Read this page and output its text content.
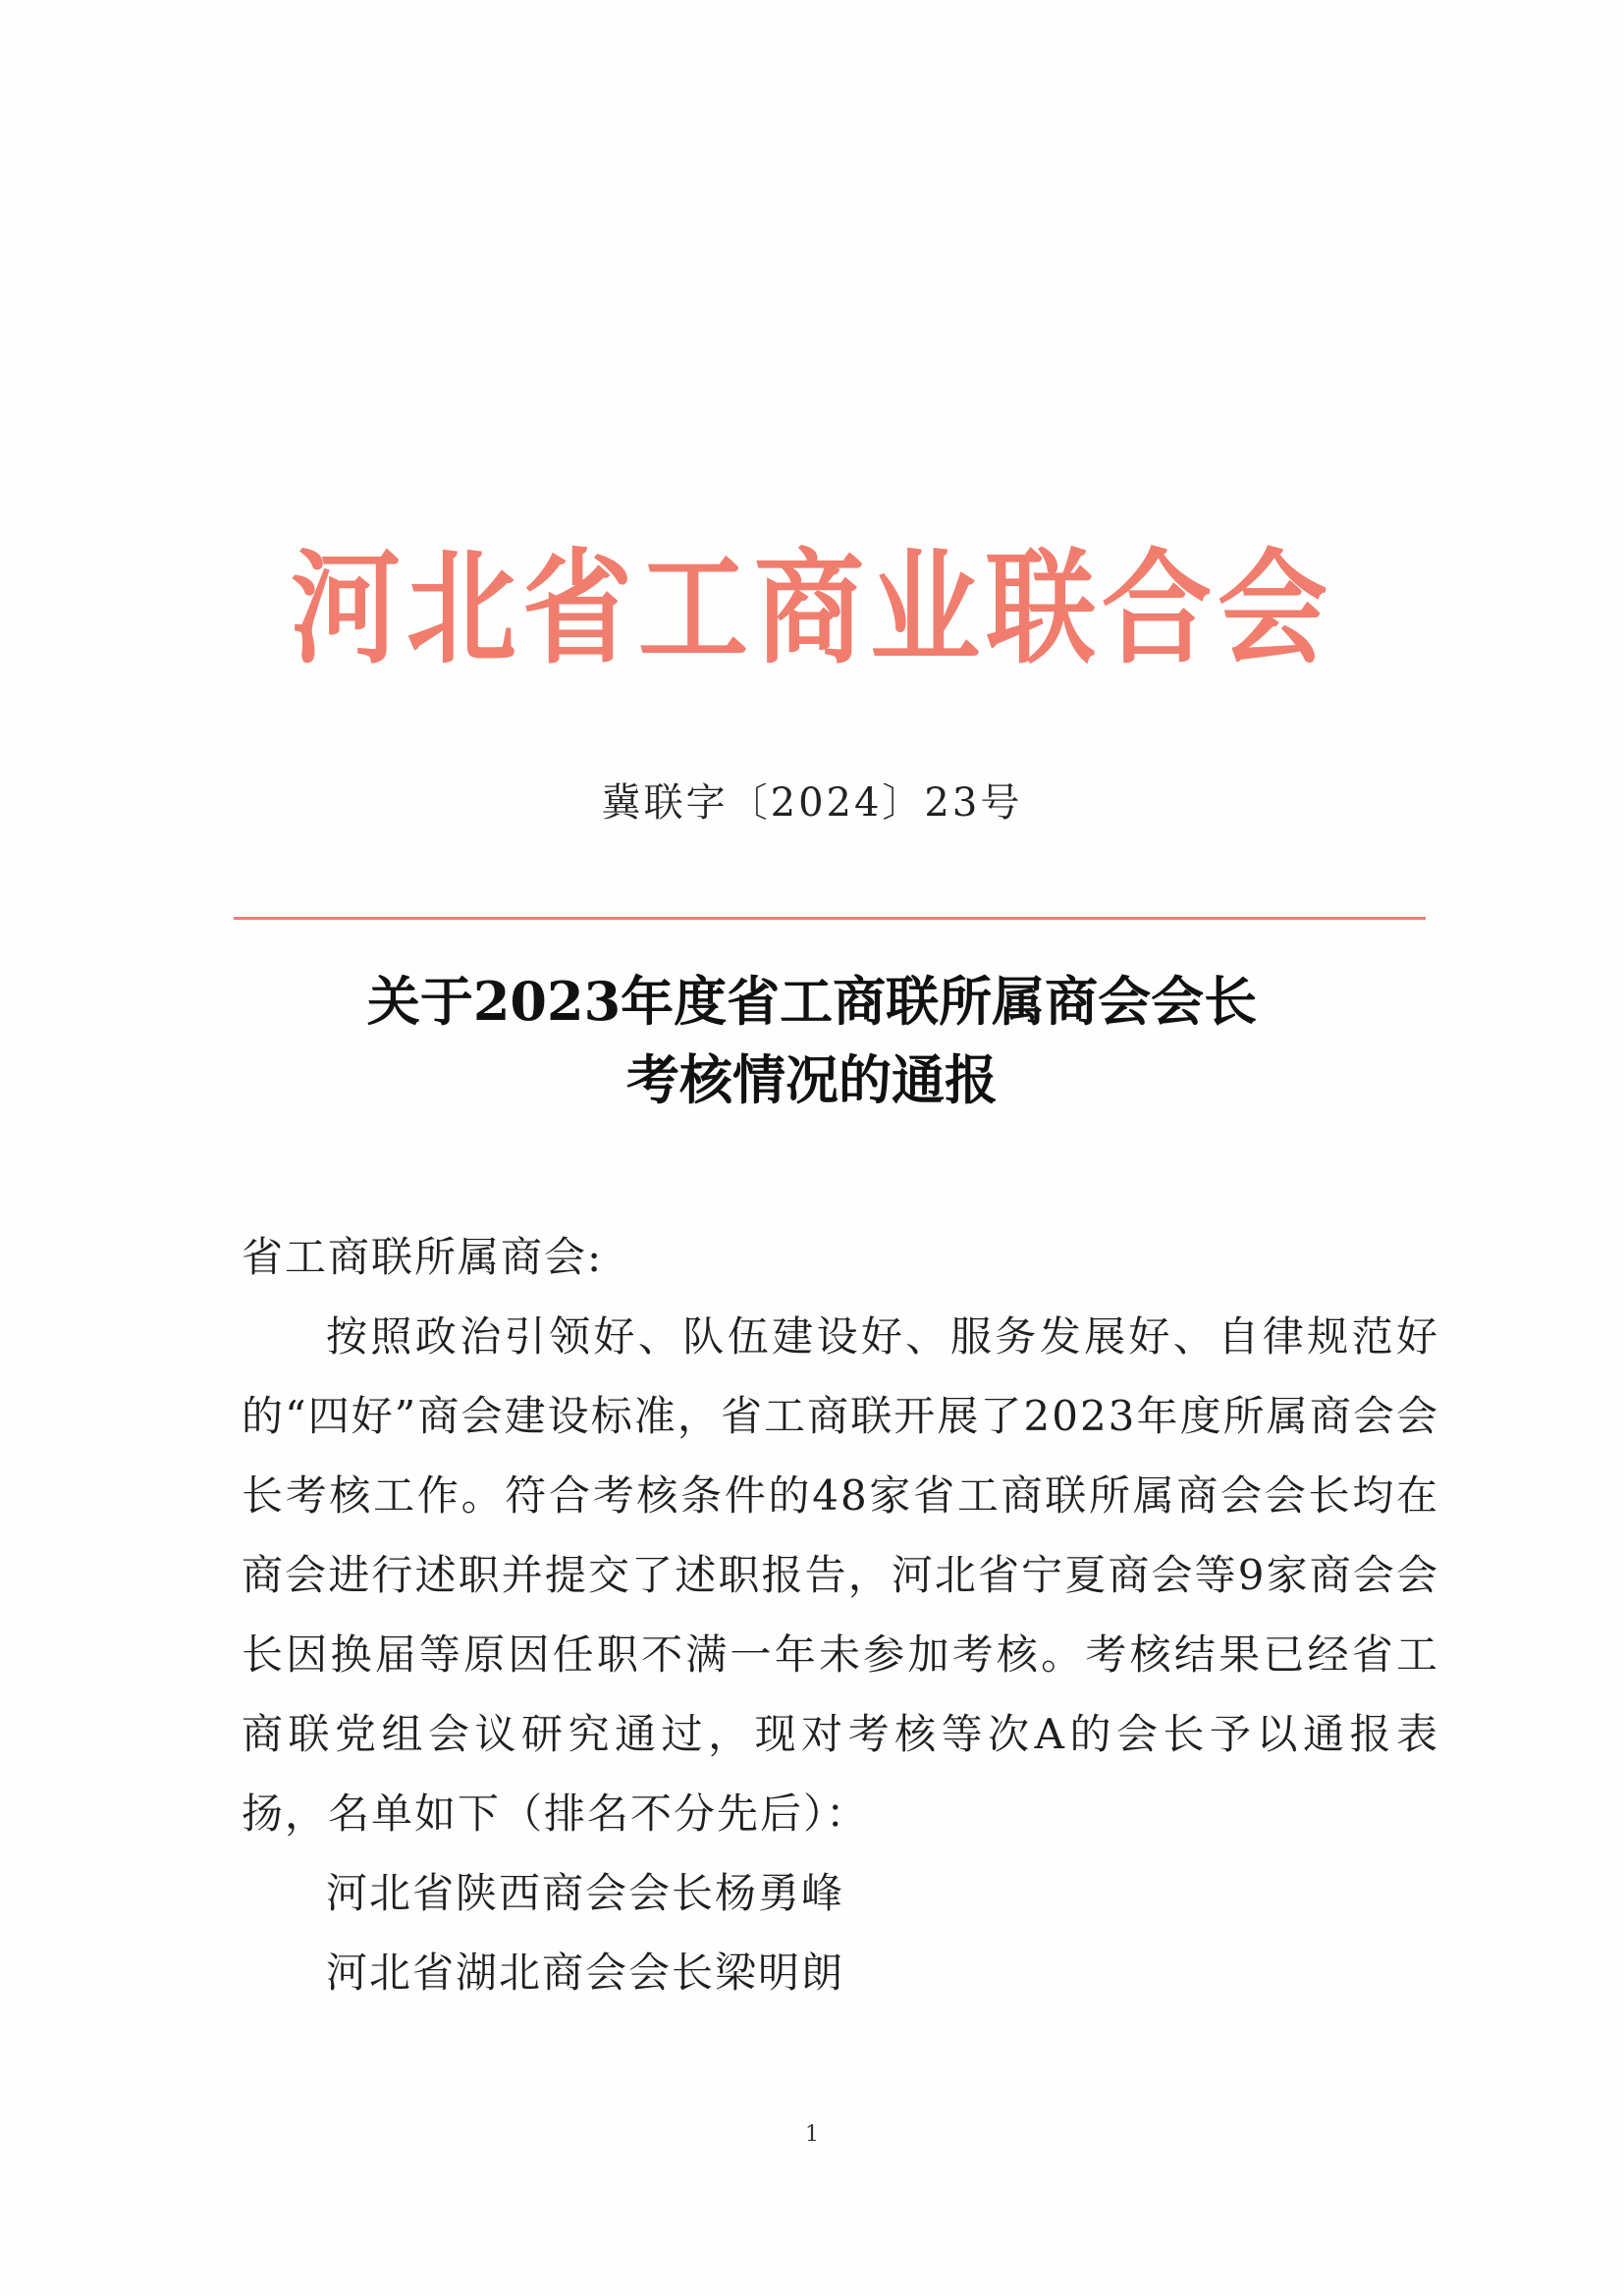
河北省工商业联合会
冀联字〔2024〕23号
关于2023年度省工商联所属商会会长
考核情况的通报

省工商联所属商会:

按照政治引领好、队伍建设好、服务发展好、自律规范好的“四好”商会建设标准，省工商联开展了2023年度所属商会会长考核工作。符合考核条件的48家省工商联所属商会会长均在商会进行述职并提交了述职报告，河北省宁夏商会等9家商会会长因换届等原因任职不满一年未参加考核。考核结果已经省工商联党组会议研究通过，现对考核等次A的会长予以通报表扬，名单如下（排名不分先后）：

河北省陕西商会会长杨勇峰

河北省湖北商会会长梁明朗

1
